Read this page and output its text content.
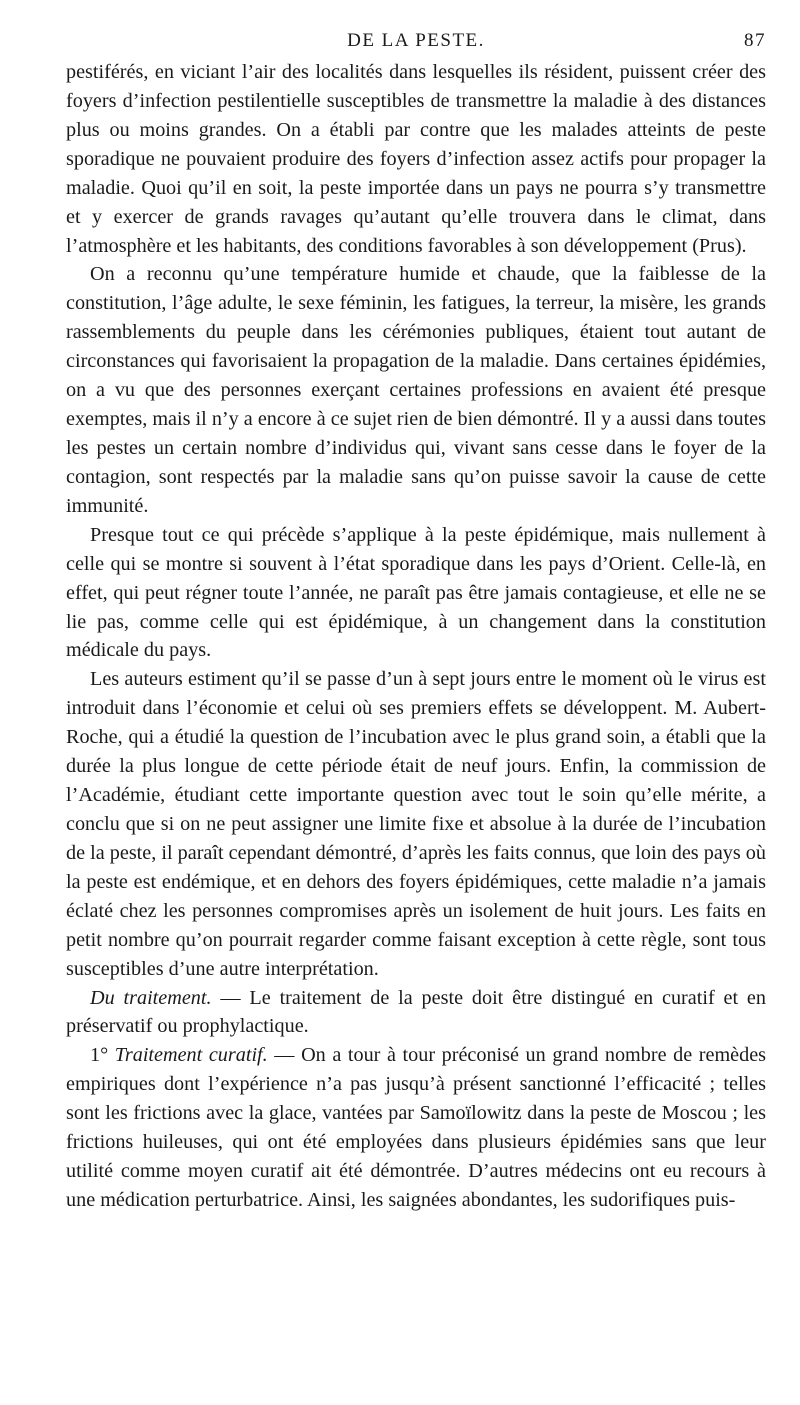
DE LA PESTE.	87

pestiférés, en viciant l’air des localités dans lesquelles ils résident, puissent créer des foyers d’infection pestilentielle susceptibles de transmettre la maladie à des distances plus ou moins grandes. On a établi par contre que les malades atteints de peste sporadique ne pouvaient produire des foyers d’infection assez actifs pour propager la maladie. Quoi qu’il en soit, la peste importée dans un pays ne pourra s’y transmettre et y exercer de grands ravages qu’autant qu’elle trouvera dans le climat, dans l’atmosphère et les habitants, des conditions favorables à son développement (Prus).

On a reconnu qu’une température humide et chaude, que la faiblesse de la constitution, l’âge adulte, le sexe féminin, les fatigues, la terreur, la misère, les grands rassemblements du peuple dans les cérémonies publiques, étaient tout autant de circonstances qui favorisaient la propagation de la maladie. Dans certaines épidémies, on a vu que des personnes exerçant certaines professions en avaient été presque exemptes, mais il n’y a encore à ce sujet rien de bien démontré. Il y a aussi dans toutes les pestes un certain nombre d’individus qui, vivant sans cesse dans le foyer de la contagion, sont respectés par la maladie sans qu’on puisse savoir la cause de cette immunité.

Presque tout ce qui précède s’applique à la peste épidémique, mais nullement à celle qui se montre si souvent à l’état sporadique dans les pays d’Orient. Celle-là, en effet, qui peut régner toute l’année, ne paraît pas être jamais contagieuse, et elle ne se lie pas, comme celle qui est épidémique, à un changement dans la constitution médicale du pays.

Les auteurs estiment qu’il se passe d’un à sept jours entre le moment où le virus est introduit dans l’économie et celui où ses premiers effets se développent. M. Aubert-Roche, qui a étudié la question de l’incubation avec le plus grand soin, a établi que la durée la plus longue de cette période était de neuf jours. Enfin, la commission de l’Académie, étudiant cette importante question avec tout le soin qu’elle mérite, a conclu que si on ne peut assigner une limite fixe et absolue à la durée de l’incubation de la peste, il paraît cependant démontré, d’après les faits connus, que loin des pays où la peste est endémique, et en dehors des foyers épidémiques, cette maladie n’a jamais éclaté chez les personnes compromises après un isolement de huit jours. Les faits en petit nombre qu’on pourrait regarder comme faisant exception à cette règle, sont tous susceptibles d’une autre interprétation.

Du traitement. — Le traitement de la peste doit être distingué en curatif et en préservatif ou prophylactique.

1° Traitement curatif. — On a tour à tour préconisé un grand nombre de remèdes empiriques dont l’expérience n’a pas jusqu’à présent sanctionné l’efficacité ; telles sont les frictions avec la glace, vantées par Samoïlowitz dans la peste de Moscou ; les frictions huileuses, qui ont été employées dans plusieurs épidémies sans que leur utilité comme moyen curatif ait été démontrée. D’autres médecins ont eu recours à une médication perturbatrice. Ainsi, les saignées abondantes, les sudorifiques puis-
